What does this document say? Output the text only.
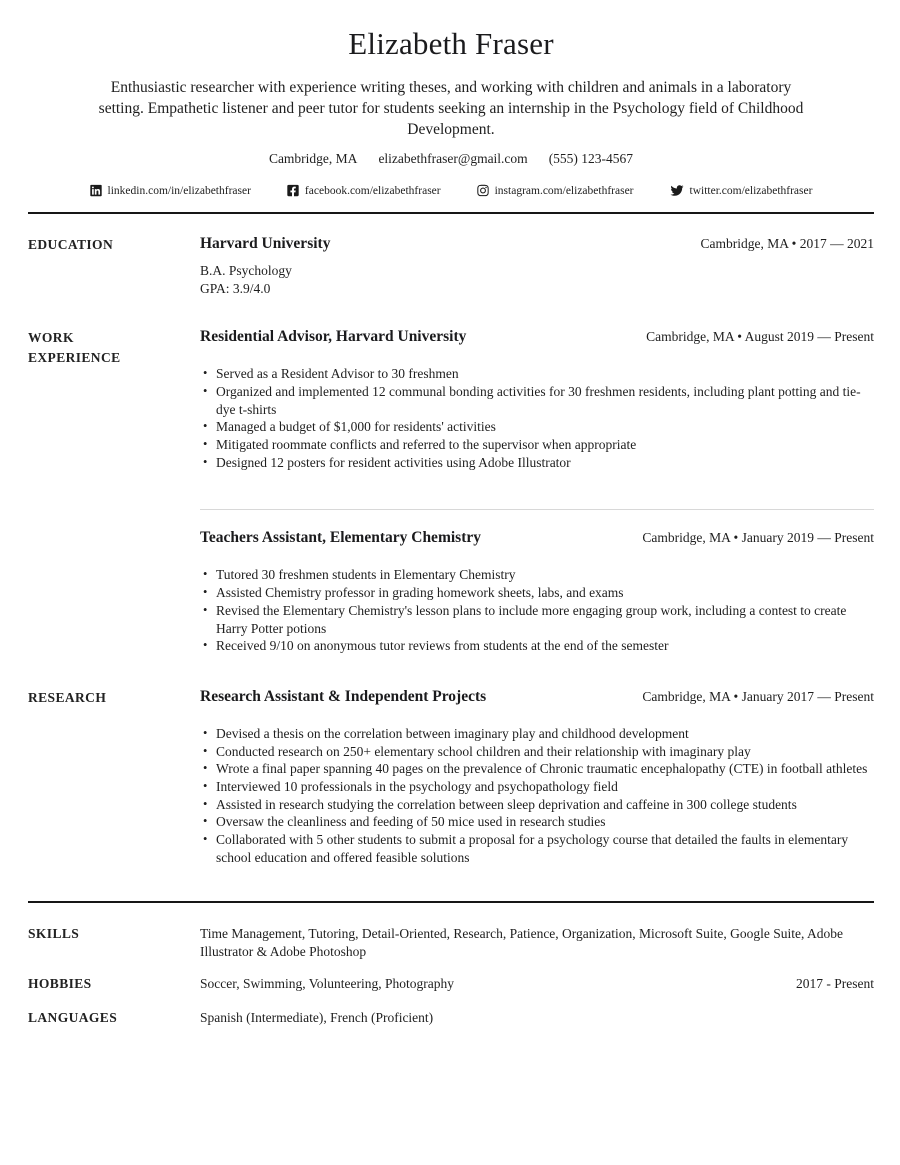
Elizabeth Fraser

Enthusiastic researcher with experience writing theses, and working with children and animals in a laboratory setting. Empathetic listener and peer tutor for students seeking an internship in the Psychology field of Childhood Development.

Cambridge, MA elizabethfraser@gmail.com (555) 123-4567
linkedin.com/in/elizabethfraser	facebook.com/elizabethfraser	instagram.com/elizabethfraser	twitter.com/elizabethfraser
EDUCATION	Harvard University	Cambridge, MA • 2017 — 2021
B.A. Psychology
GPA: 3.9/4.0
WORK EXPERIENCE
Residential Advisor, Harvard University	Cambridge, MA • August 2019 — Present
• Served as a Resident Advisor to 30 freshmen
• Organized and implemented 12 communal bonding activities for 30 freshmen residents, including plant potting and tie-dye t-shirts
• Managed a budget of $1,000 for residents' activities
• Mitigated roommate conflicts and referred to the supervisor when appropriate
• Designed 12 posters for resident activities using Adobe Illustrator
Teachers Assistant, Elementary Chemistry	Cambridge, MA • January 2019 — Present
• Tutored 30 freshmen students in Elementary Chemistry
• Assisted Chemistry professor in grading homework sheets, labs, and exams
• Revised the Elementary Chemistry's lesson plans to include more engaging group work, including a contest to create Harry Potter potions
• Received 9/10 on anonymous tutor reviews from students at the end of the semester
RESEARCH	Research Assistant & Independent Projects	Cambridge, MA • January 2017 — Present
• Devised a thesis on the correlation between imaginary play and childhood development
• Conducted research on 250+ elementary school children and their relationship with imaginary play
• Wrote a final paper spanning 40 pages on the prevalence of Chronic traumatic encephalopathy (CTE) in football athletes
• Interviewed 10 professionals in the psychology and psychopathology field
• Assisted in research studying the correlation between sleep deprivation and caffeine in 300 college students
• Oversaw the cleanliness and feeding of 50 mice used in research studies
• Collaborated with 5 other students to submit a proposal for a psychology course that detailed the faults in elementary school education and offered feasible solutions
SKILLS	Time Management, Tutoring, Detail-Oriented, Research, Patience, Organization, Microsoft Suite, Google Suite, Adobe Illustrator & Adobe Photoshop
HOBBIES	Soccer, Swimming, Volunteering, Photography	2017 - Present
LANGUAGES	Spanish (Intermediate), French (Proficient)
